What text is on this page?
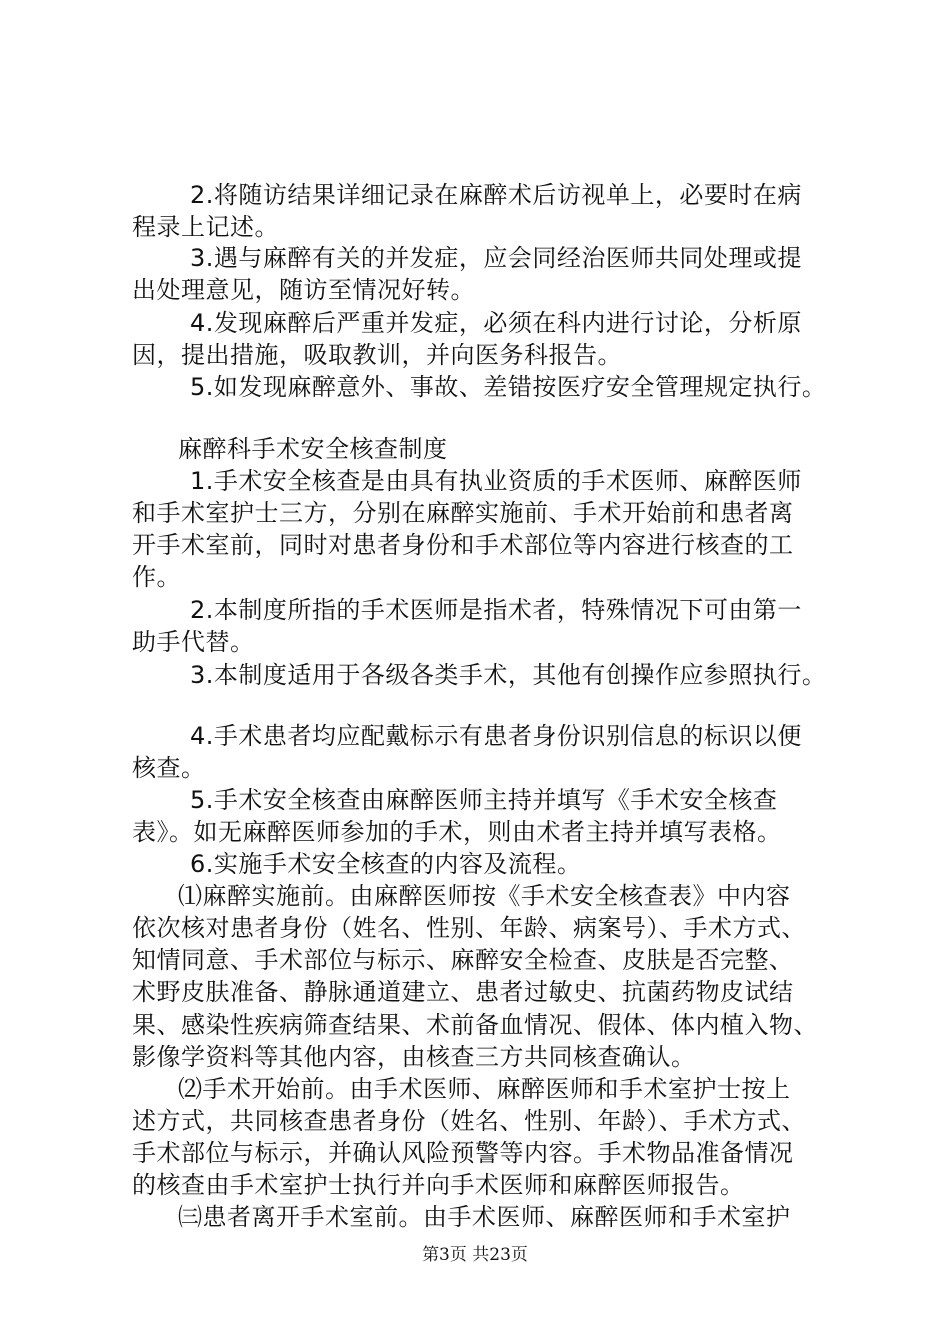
2.将随访结果详细记录在麻醉术后访视单上，必要时在病
程录上记述。
3.遇与麻醉有关的并发症，应会同经治医师共同处理或提
出处理意见，随访至情况好转。
4.发现麻醉后严重并发症，必须在科内进行讨论，分析原
因，提出措施，吸取教训，并向医务科报告。
5.如发现麻醉意外、事故、差错按医疗安全管理规定执行。
麻醉科手术安全核查制度
1.手术安全核查是由具有执业资质的手术医师、麻醉医师
和手术室护士三方，分别在麻醉实施前、手术开始前和患者离
开手术室前，同时对患者身份和手术部位等内容进行核查的工
作。
2.本制度所指的手术医师是指术者，特殊情况下可由第一
助手代替。
3.本制度适用于各级各类手术，其他有创操作应参照执行。
4.手术患者均应配戴标示有患者身份识别信息的标识以便
核查。
5.手术安全核查由麻醉医师主持并填写《手术安全核查
表》。如无麻醉医师参加的手术，则由术者主持并填写表格。
6.实施手术安全核查的内容及流程。
⑴麻醉实施前。由麻醉医师按《手术安全核查表》中内容
依次核对患者身份（姓名、性别、年龄、病案号）、手术方式、
知情同意、手术部位与标示、麻醉安全检查、皮肤是否完整、
术野皮肤准备、静脉通道建立、患者过敏史、抗菌药物皮试结
果、感染性疾病筛查结果、术前备血情况、假体、体内植入物、
影像学资料等其他内容，由核查三方共同核查确认。
⑵手术开始前。由手术医师、麻醉医师和手术室护士按上
述方式，共同核查患者身份（姓名、性别、年龄）、手术方式、
手术部位与标示，并确认风险预警等内容。手术物品准备情况
的核查由手术室护士执行并向手术医师和麻醉医师报告。
㈢患者离开手术室前。由手术医师、麻醉医师和手术室护
第3页 共23页
